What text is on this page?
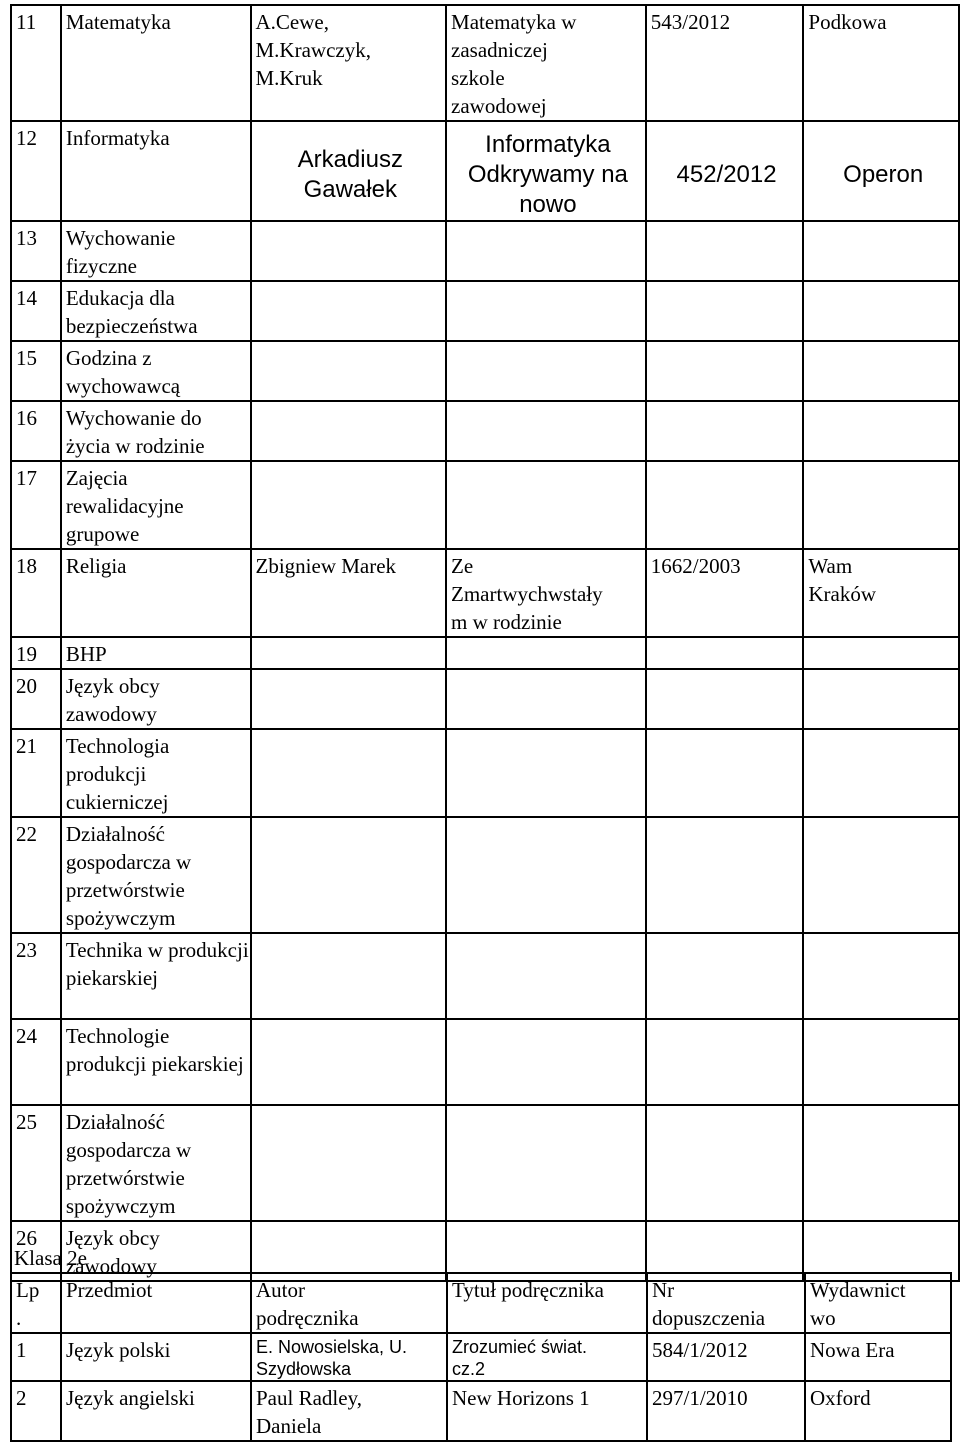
11	Matematyka	A.Cewe,
M.Krawczyk,
M.Kruk	Matematyka w
zasadniczej
szkole
zawodowej	543/2012	Podkowa
12	Informatyka	Arkadiusz
Gawałek	Informatyka
Odkrywamy na
nowo	452/2012	Operon
13	Wychowanie fizyczne				
14	Edukacja dla bezpieczeństwa				
15	Godzina z wychowawcą				
16	Wychowanie do życia w rodzinie				
17	Zajęcia rewalidacyjne grupowe				
18	Religia	Zbigniew Marek	Ze
Zmartwychwstały
m w rodzinie	1662/2003	Wam
Kraków

19	BHP				
20	Język obcy zawodowy				
21	Technologia produkcji cukierniczej				
22	Działalność gospodarcza w przetwórstwie spożywczym				
23	Technika w produkcji piekarskiej				
24	Technologie produkcji piekarskiej				
25	Działalność gospodarcza w przetwórstwie spożywczym				
26	Język obcy zawodowy				
Klasa 2e
Lp
.	Przedmiot	Autor
podręcznika	Tytuł podręcznika	Nr
dopuszczenia	Wydawnict
wo

1	Język polski	E. Nowosielska, U.
Szydłowska	Zrozumieć świat.
cz.2	584/1/2012	Nowa Era
2	Język angielski	Paul Radley,
Daniela	New Horizons 1	297/1/2010	Oxford
